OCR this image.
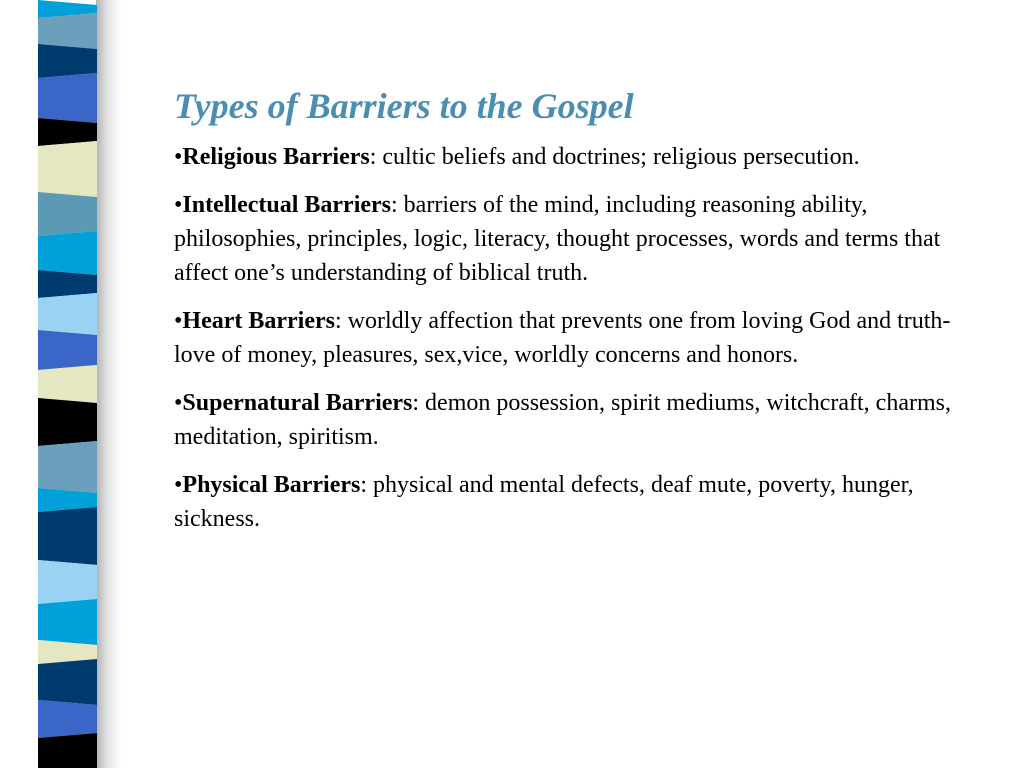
Types of Barriers to the Gospel

•Religious Barriers: cultic beliefs and doctrines; religious persecution.

•Intellectual Barriers: barriers of the mind, including reasoning ability, philosophies, principles, logic, literacy, thought processes, words and terms that affect one’s understanding of biblical truth.

•Heart Barriers: worldly affection that prevents one from loving God and truth- love of money, pleasures, sex,vice, worldly concerns and honors.

•Supernatural Barriers: demon possession, spirit mediums, witchcraft, charms, meditation, spiritism.

•Physical Barriers: physical and mental defects, deaf mute, poverty, hunger, sickness.
